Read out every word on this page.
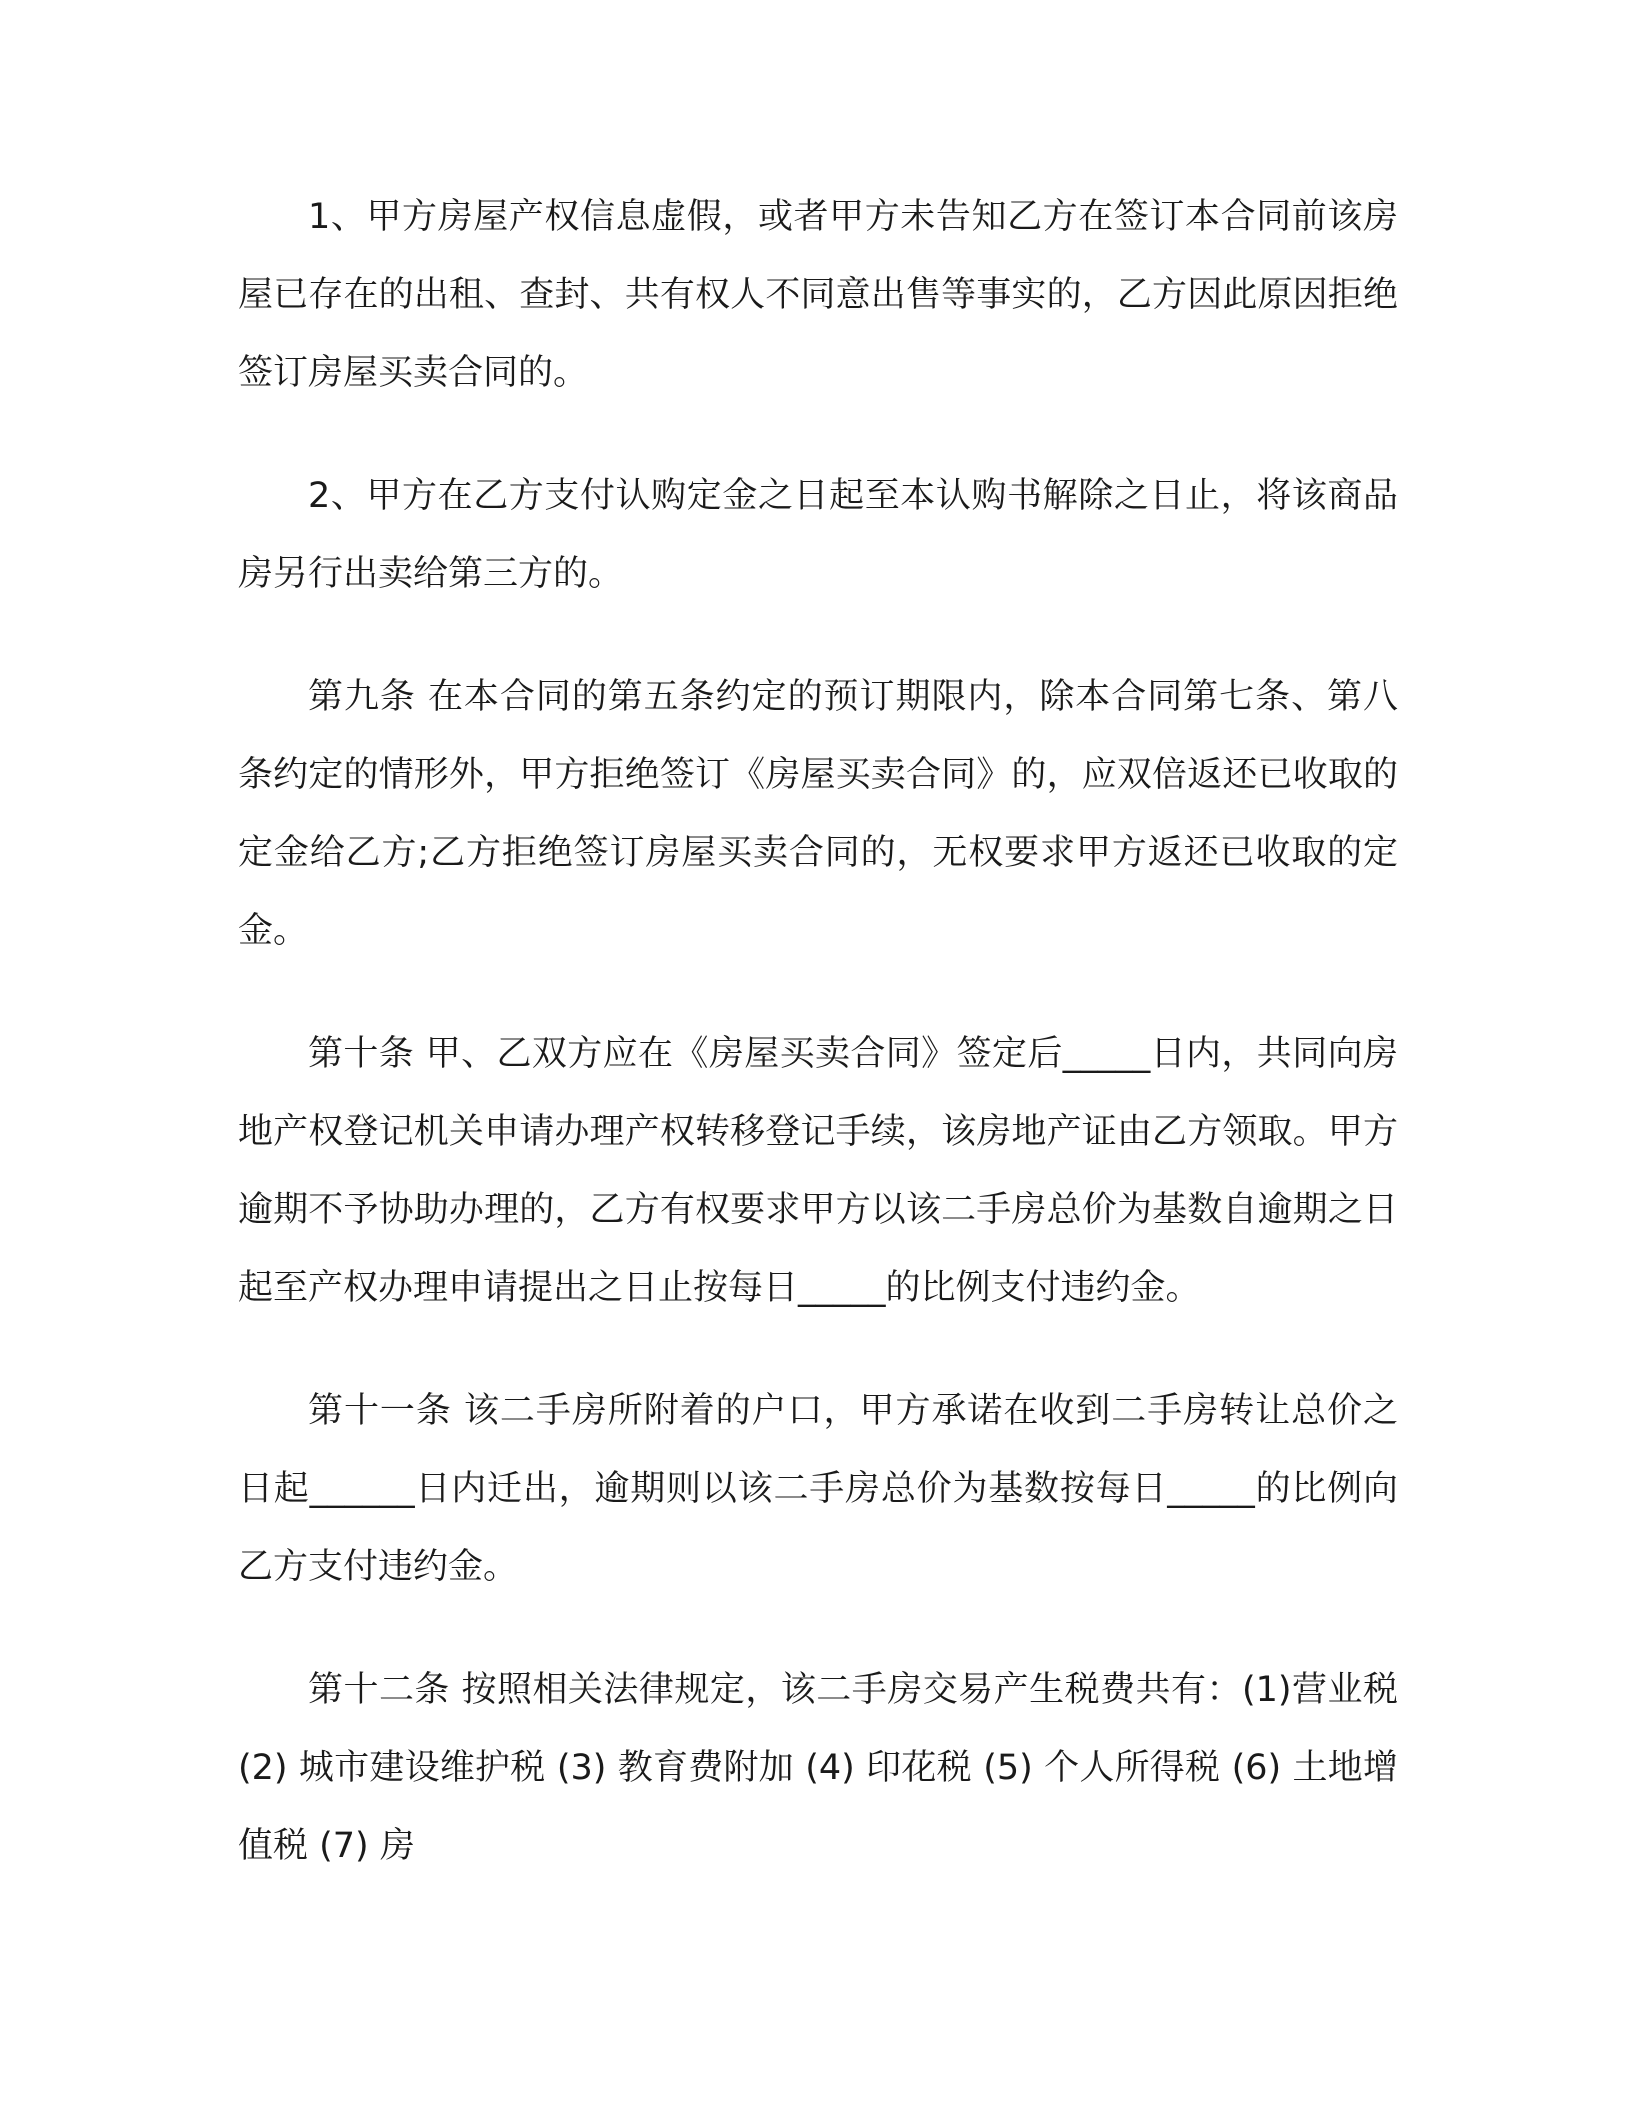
1、甲方房屋产权信息虚假，或者甲方未告知乙方在签订本合同前该房屋已存在的出租、查封、共有权人不同意出售等事实的，乙方因此原因拒绝签订房屋买卖合同的。

2、甲方在乙方支付认购定金之日起至本认购书解除之日止，将该商品房另行出卖给第三方的。

第九条 在本合同的第五条约定的预订期限内，除本合同第七条、第八条约定的情形外，甲方拒绝签订《房屋买卖合同》的，应双倍返还已收取的定金给乙方;乙方拒绝签订房屋买卖合同的，无权要求甲方返还已收取的定金。

第十条 甲、乙双方应在《房屋买卖合同》签定后_____日内，共同向房地产权登记机关申请办理产权转移登记手续，该房地产证由乙方领取。甲方逾期不予协助办理的，乙方有权要求甲方以该二手房总价为基数自逾期之日起至产权办理申请提出之日止按每日_____的比例支付违约金。

第十一条 该二手房所附着的户口，甲方承诺在收到二手房转让总价之日起______日内迁出，逾期则以该二手房总价为基数按每日_____的比例向乙方支付违约金。

第十二条 按照相关法律规定，该二手房交易产生税费共有：(1)营业税 (2) 城市建设维护税 (3) 教育费附加 (4) 印花税 (5) 个人所得税 (6) 土地增值税 (7) 房
